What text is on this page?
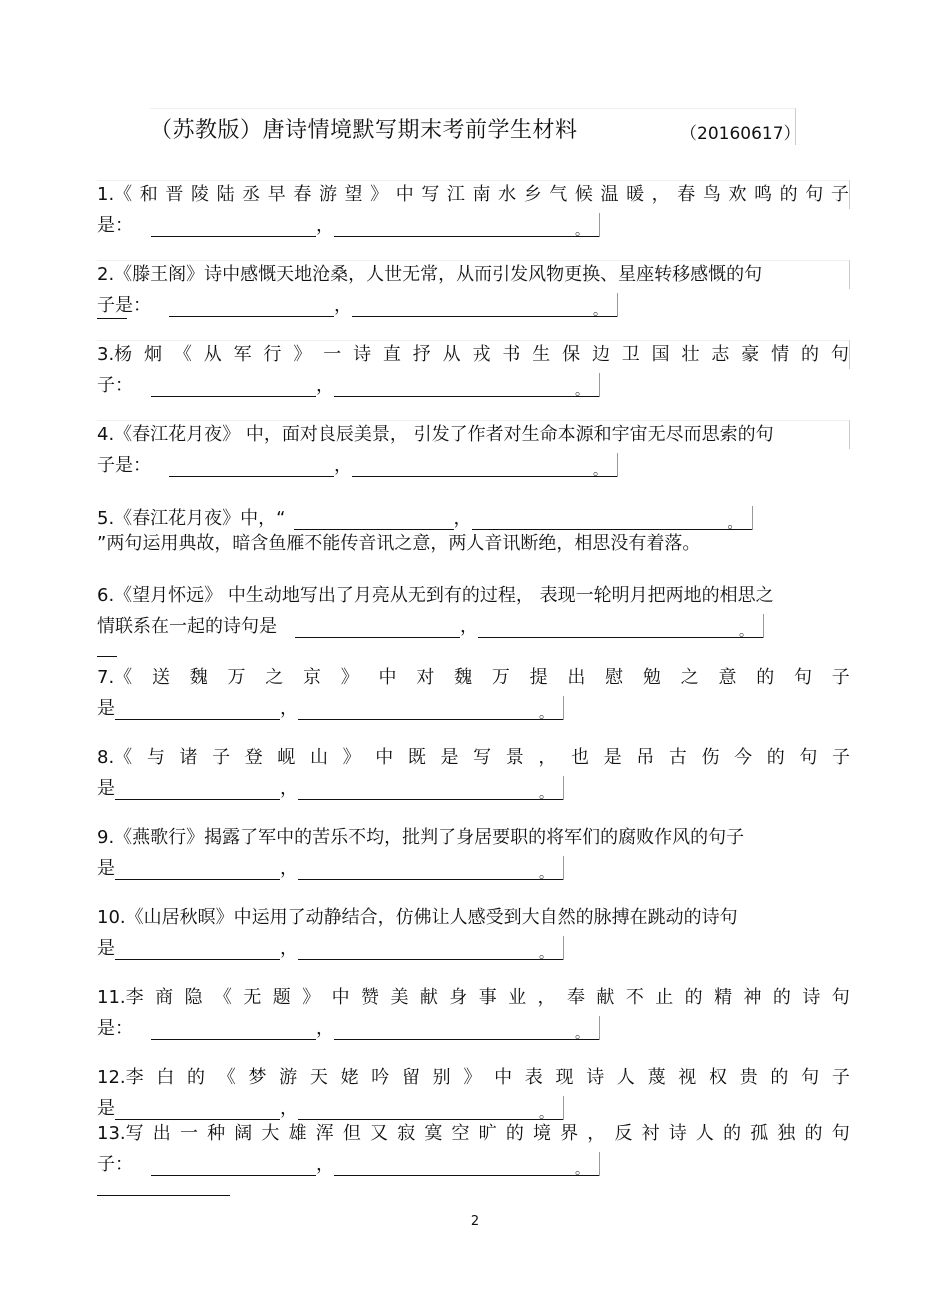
（苏教版）唐诗情境默写期末考前学生材料	（20160617）
1.《 和 晋 陵 陆 丞 早 春 游 望 》 中 写 江 南 水 乡 气 候 温 暖 ， 春 鸟 欢 鸣 的 句 子
是：	，	。
2.《滕王阁》诗中感慨天地沧桑，人世无常，从而引发风物更换、星座转移感慨的句
子是：	，	。
3.杨 炯 《 从 军 行 》 一 诗 直 抒 从 戎 书 生 保 边 卫 国 壮 志 豪 情 的 句
子：	，	。
4.《春江花月夜》 中，面对良辰美景， 引发了作者对生命本源和宇宙无尽而思索的句
子是：	，	。
5.《春江花月夜》中，“	，	。
”两句运用典故，暗含鱼雁不能传音讯之意，两人音讯断绝，相思没有着落。
6.《望月怀远》 中生动地写出了月亮从无到有的过程， 表现一轮明月把两地的相思之
情联系在一起的诗句是	，	。
7.《 送 魏 万 之 京 》 中 对 魏 万 提 出 慰 勉 之 意 的 句 子
是	，	。
8.《 与 诸 子 登 岘 山 》 中 既 是 写 景 ， 也 是 吊 古 伤 今 的 句 子
是	，	。
9.《燕歌行》揭露了军中的苦乐不均，批判了身居要职的将军们的腐败作风的句子
是	，	。
10.《山居秋暝》中运用了动静结合，仿佛让人感受到大自然的脉搏在跳动的诗句
是	，	。
11.李 商 隐 《 无 题 》 中 赞 美 献 身 事 业 ， 奉 献 不 止 的 精 神 的 诗 句
是：	，	。
12.李 白 的 《 梦 游 天 姥 吟 留 别 》 中 表 现 诗 人 蔑 视 权 贵 的 句 子
是	，	。
13.写 出 一 种 阔 大 雄 浑 但 又 寂 寞 空 旷 的 境 界 ， 反 衬 诗 人 的 孤 独 的 句
子：	，	。
2
